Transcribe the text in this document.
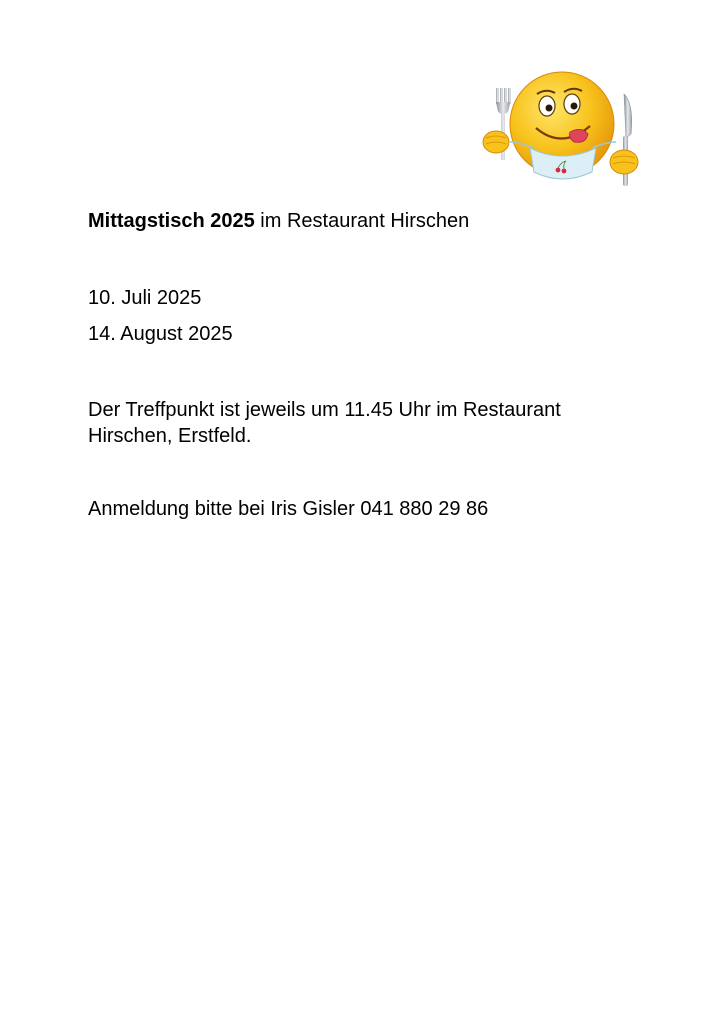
Mittagstisch 2025 im Restaurant Hirschen
10. Juli 2025
14. August 2025
Der Treffpunkt ist jeweils um 11.45 Uhr im Restaurant Hirschen, Erstfeld.
Anmeldung bitte bei Iris Gisler 041 880 29 86
